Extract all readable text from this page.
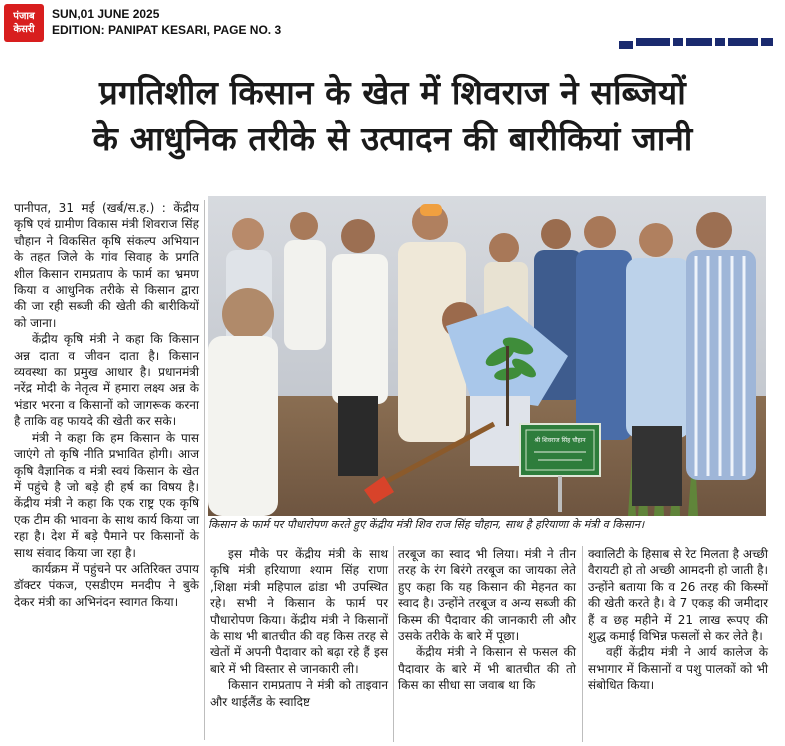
पंजाब
केसरी
SUN,01 JUNE 2025
EDITION: PANIPAT KESARI, PAGE NO. 3
प्रगतिशील किसान के खेत में शिवराज ने सब्जियों
के आधुनिक तरीके से उत्पादन की बारीकियां जानी

पानीपत, 31 मई (खर्ब/स.ह.) : केंद्रीय कृषि एवं ग्रामीण विकास मंत्री शिवराज सिंह चौहान ने विकसित कृषि संकल्प अभियान के तहत जिले के गांव सिवाह के प्रगति शील किसान रामप्रताप के फार्म का भ्रमण किया व आधुनिक तरीके से किसान द्वारा की जा रही सब्जी की खेती की बारीकियों को जाना।

केंद्रीय कृषि मंत्री ने कहा कि किसान अन्न दाता व जीवन दाता है। किसान व्यवस्था का प्रमुख आधार है। प्रधानमंत्री नरेंद्र मोदी के नेतृत्व में हमारा लक्ष्य अन्न के भंडार भरना व किसानों को जागरूक करना है ताकि वह फायदे की खेती कर सके।

मंत्री ने कहा कि हम किसान के पास जाएंगे तो कृषि नीति प्रभावित होगी। आज कृषि वैज्ञानिक व मंत्री स्वयं किसान के खेत में पहुंचे है जो बड़े ही हर्ष का विषय है। केंद्रीय मंत्री ने कहा कि एक राष्ट्र एक कृषि एक टीम की भावना के साथ कार्य किया जा रहा है। देश में बड़े पैमाने पर किसानों के साथ संवाद किया जा रहा है।

कार्यक्रम में पहुंचने पर अतिरिक्त उपाय डॉक्टर पंकज, एसडीएम मनदीप ने बुके देकर मंत्री का अभिनंदन स्वागत किया।

श्री शिवराज सिंह चौहान
किसान के फार्म पर पौधारोपण करते हुए केंद्रीय मंत्री शिव राज सिंह चौहान, साथ है हरियाणा के मंत्री व किसान।

इस मौके पर केंद्रीय मंत्री के साथ कृषि मंत्री हरियाणा श्याम सिंह राणा ,शिक्षा मंत्री महिपाल ढांडा भी उपस्थित रहे। सभी ने किसान के फार्म पर पौधारोपण किया। केंद्रीय मंत्री ने किसानों के साथ भी बातचीत की वह किस तरह से खेतों में अपनी पैदावार को बढ़ा रहे हैं इस बारे में भी विस्तार से जानकारी ली।

किसान रामप्रताप ने मंत्री को ताइवान और थाईलैंड के स्वादिष्ट

तरबूज का स्वाद भी लिया। मंत्री ने तीन तरह के रंग बिरंगे तरबूज का जायका लेते हुए कहा कि यह किसान की मेहनत का स्वाद है। उन्होंने तरबूज व अन्य सब्जी की किस्म की पैदावार की जानकारी ली और उसके तरीके के बारे में पूछा।

केंद्रीय मंत्री ने किसान से फसल की पैदावार के बारे में भी बातचीत की तो किस का सीधा सा जवाब था कि

क्वालिटी के हिसाब से रेट मिलता है अच्छी वैरायटी हो तो अच्छी आमदनी हो जाती है। उन्होंने बताया कि व 26 तरह की किस्मों की खेती करते है। वे 7 एकड़ की जमीदार हैं व छह महीने में 21 लाख रूपए की शुद्ध कमाई विभिन्न फसलों से कर लेते है।

वहीं केंद्रीय मंत्री ने आर्य कालेज के सभागार में किसानों व पशु पालकों को भी संबोधित किया।
